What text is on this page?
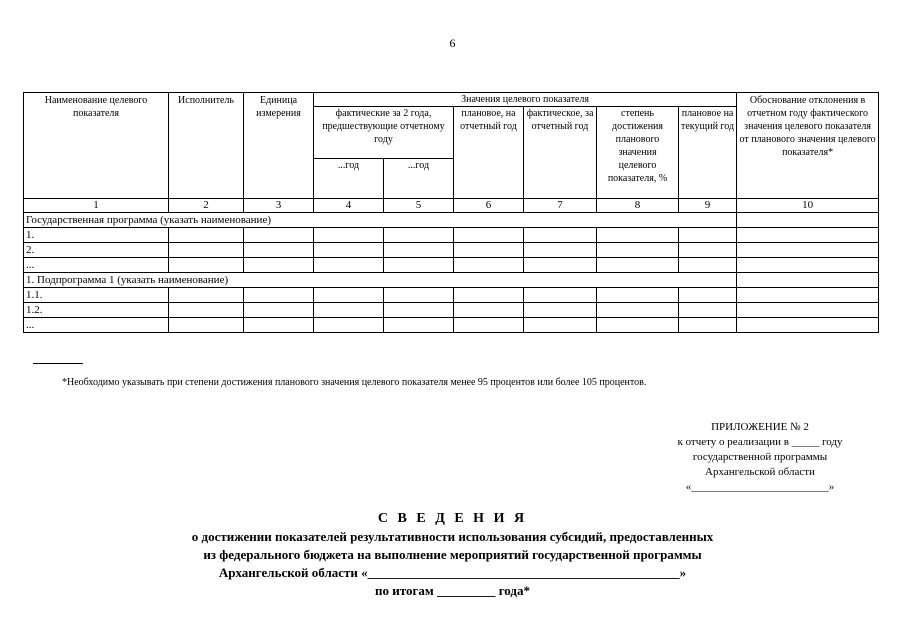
6
Наименование целевого показателя	Исполнитель	Единица измерения	Значения целевого показателя						Обоснование отклонения в отчетном году фактического значения целевого показателя от планового значения целевого показателя*
			фактические за 2 года, предшествующие отчетному году		плановое, на отчетный год	фактическое, за отчетный год	степень достижения планового значения целевого показателя, %	плановое на текущий год	
			...год	...год					

1	2	3	4	5	6	7	8	9	10
Государственная программа (указать наименование)									
1.									
2.									
...									
1. Подпрограмма 1 (указать наименование)									
1.1.									
1.2.									
...									
*Необходимо указывать при степени достижения планового значения целевого показателя менее 95 процентов или более 105 процентов.
ПРИЛОЖЕНИЕ № 2
к отчету о реализации в _____ году
государственной программы
Архангельской области
«_________________________»
С В Е Д Е Н И Я
о достижении показателей результативности использования субсидий, предоставленных
из федерального бюджета на выполнение мероприятий государственной программы
Архангельской области «________________________________________________»
по итогам _________ года*
